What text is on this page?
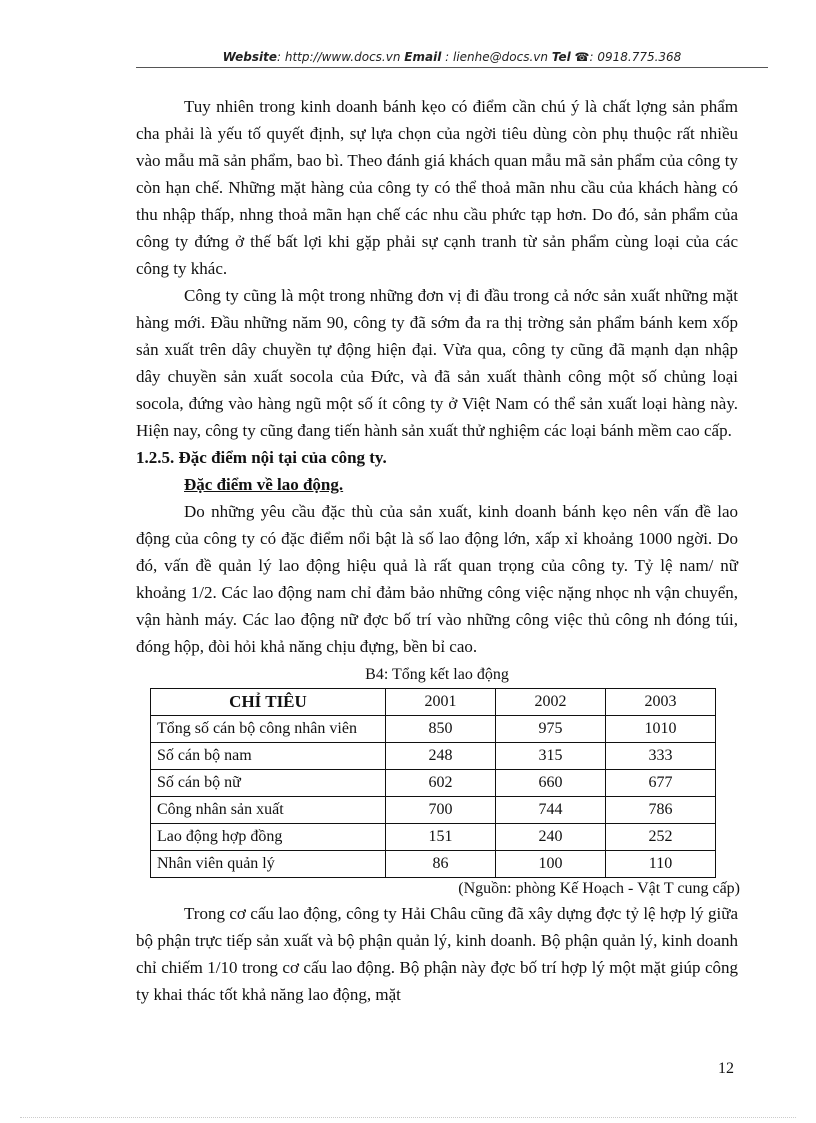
Website: http://www.docs.vn Email : lienhe@docs.vn Tel ☎: 0918.775.368

Tuy nhiên trong kinh doanh bánh kẹo có điểm cần chú ý là chất lợng sản phẩm cha phải là yếu tố quyết định, sự lựa chọn của ngời tiêu dùng còn phụ thuộc rất nhiều vào mẫu mã sản phẩm, bao bì. Theo đánh giá khách quan mẫu mã sản phẩm của công ty còn hạn chế. Những mặt hàng của công ty có thể thoả mãn nhu cầu của khách hàng có thu nhập thấp, nhng thoả mãn hạn chế các nhu cầu phức tạp hơn. Do đó, sản phẩm của công ty đứng ở thế bất lợi khi gặp phải sự cạnh tranh từ sản phẩm cùng loại của các công ty khác.

Công ty cũng là một trong những đơn vị đi đầu trong cả nớc sản xuất những mặt hàng mới. Đầu những năm 90, công ty đã sớm đa ra thị trờng sản phẩm bánh kem xốp sản xuất trên dây chuyền tự động hiện đại. Vừa qua, công ty cũng đã mạnh dạn nhập dây chuyền sản xuất socola của Đức, và đã sản xuất thành công một số chủng loại socola, đứng vào hàng ngũ một số ít công ty ở Việt Nam có thể sản xuất loại hàng này. Hiện nay, công ty cũng đang tiến hành sản xuất thử nghiệm các loại bánh mềm cao cấp.

1.2.5. Đặc điểm nội tại của công ty.
Đặc điểm về lao động.

Do những yêu cầu đặc thù của sản xuất, kinh doanh bánh kẹo nên vấn đề lao động của công ty có đặc điểm nổi bật là số lao động lớn, xấp xỉ khoảng 1000 ngời. Do đó, vấn đề quản lý lao động hiệu quả là rất quan trọng của công ty. Tỷ lệ nam/ nữ khoảng 1/2. Các lao động nam chỉ đảm bảo những công việc nặng nhọc nh vận chuyển, vận hành máy. Các lao động nữ đợc bố trí vào những công việc thủ công nh đóng túi, đóng hộp, đòi hỏi khả năng chịu đựng, bền bỉ cao.

B4: Tổng kết lao động
CHỈ TIÊU	2001	2002	2003
Tổng số cán bộ công nhân viên	850	975	1010
Số cán bộ nam	248	315	333
Số cán bộ nữ	602	660	677
Công nhân sản xuất	700	744	786
Lao động hợp đồng	151	240	252
Nhân viên quản lý	86	100	110
(Nguồn: phòng Kế Hoạch - Vật T cung cấp)

Trong cơ cấu lao động, công ty Hải Châu cũng đã xây dựng đợc tỷ lệ hợp lý giữa bộ phận trực tiếp sản xuất và bộ phận quản lý, kinh doanh. Bộ phận quản lý, kinh doanh chỉ chiếm 1/10 trong cơ cấu lao động. Bộ phận này đợc bố trí hợp lý một mặt giúp công ty khai thác tốt khả năng lao động, mặt

12
